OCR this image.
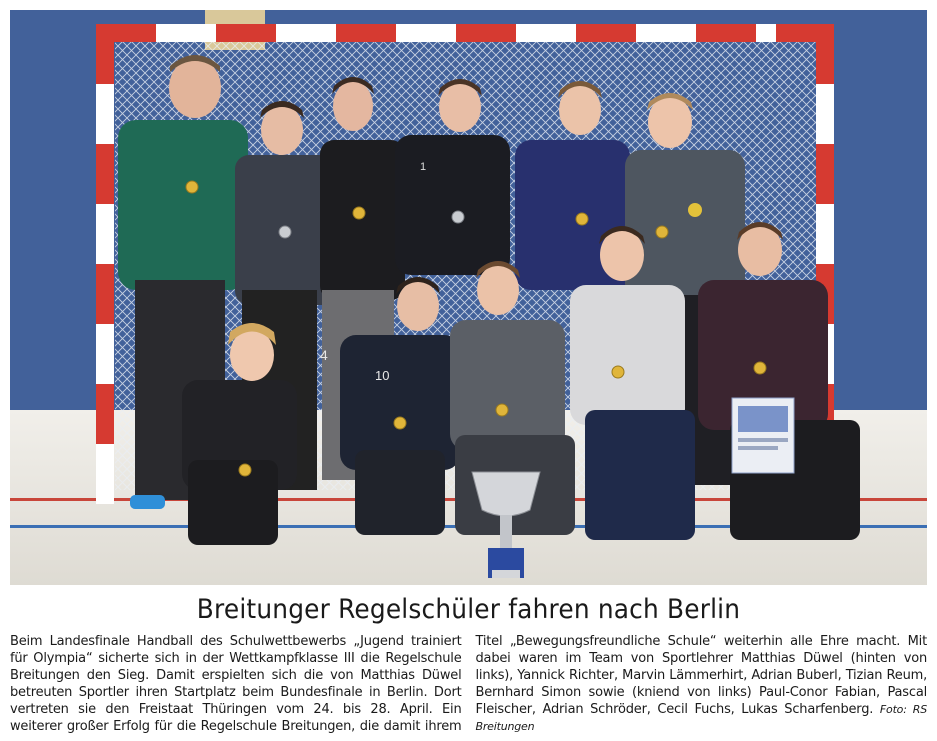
1
10
4
Breitunger Regelschüler fahren nach Berlin
Beim Landesfinale Handball des Schulwettbewerbs „Jugend trainiert für Olympia“ sicherte sich in der Wettkampfklasse III die Regelschule Breitungen den Sieg. Damit erspielten sich die von Matthias Düwel betreuten Sportler ihren Startplatz beim Bundesfinale in Berlin. Dort vertreten sie den Freistaat Thüringen vom 24. bis 28. April. Ein weiterer großer Erfolg für die Regelschule Breitungen, die damit ihrem Titel „Bewegungsfreundliche Schule“ weiterhin alle Ehre macht. Mit dabei waren im Team von Sportlehrer Matthias Düwel (hinten von links), Yannick Richter, Marvin Lämmerhirt, Adrian Buberl, Tizian Reum, Bernhard Simon sowie (kniend von links) Paul-Conor Fabian, Pascal Fleischer, Adrian Schröder, Cecil Fuchs, Lukas Scharfenberg. Foto: RS Breitungen
